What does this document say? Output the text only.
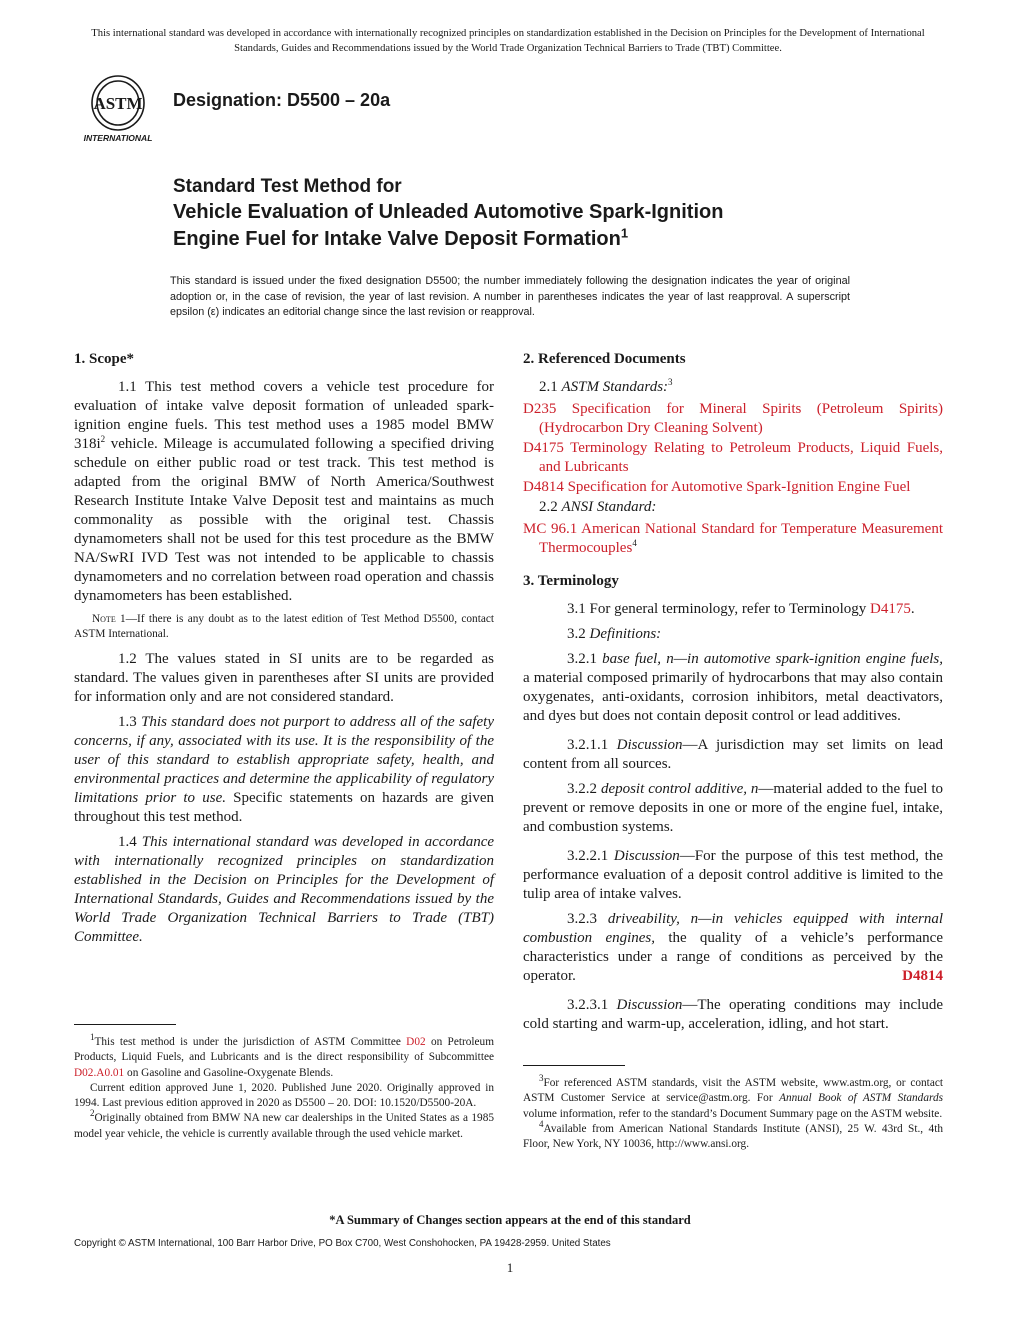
This international standard was developed in accordance with internationally recognized principles on standardization established in the Decision on Principles for the Development of International Standards, Guides and Recommendations issued by the World Trade Organization Technical Barriers to Trade (TBT) Committee.
ASTM
INTERNATIONAL
Designation: D5500 – 20a
Standard Test Method for
Vehicle Evaluation of Unleaded Automotive Spark-Ignition
Engine Fuel for Intake Valve Deposit Formation$^1$
This standard is issued under the fixed designation D5500; the number immediately following the designation indicates the year of original adoption or, in the case of revision, the year of last revision. A number in parentheses indicates the year of last reapproval. A superscript epsilon (ε) indicates an editorial change since the last revision or reapproval.
1. Scope*

1.1 This test method covers a vehicle test procedure for evaluation of intake valve deposit formation of unleaded spark-ignition engine fuels. This test method uses a 1985 model BMW $318i^2$ vehicle. Mileage is accumulated following a specified driving schedule on either public road or test track. This test method is adapted from the original BMW of North America/Southwest Research Institute Intake Valve Deposit test and maintains as much commonality as possible with the original test. Chassis dynamometers shall not be used for this test procedure as the BMW NA/SwRI IVD Test was not intended to be applicable to chassis dynamometers and no correlation between road operation and chassis dynamometers has been established.

Note 1—If there is any doubt as to the latest edition of Test Method D5500, contact ASTM International.

1.2 The values stated in SI units are to be regarded as standard. The values given in parentheses after SI units are provided for information only and are not considered standard.

1.3 This standard does not purport to address all of the safety concerns, if any, associated with its use. It is the responsibility of the user of this standard to establish appropriate safety, health, and environmental practices and determine the applicability of regulatory limitations prior to use. Specific statements on hazards are given throughout this test method.

1.4 This international standard was developed in accordance with internationally recognized principles on standardization established in the Decision on Principles for the Development of International Standards, Guides and Recommendations issued by the World Trade Organization Technical Barriers to Trade (TBT) Committee.

2. Referenced Documents
2.1 ASTM Standards:$^3$
D235 Specification for Mineral Spirits (Petroleum Spirits) (Hydrocarbon Dry Cleaning Solvent)
D4175 Terminology Relating to Petroleum Products, Liquid Fuels, and Lubricants
D4814 Specification for Automotive Spark-Ignition Engine Fuel
2.2 ANSI Standard:
MC 96.1 American National Standard for Temperature Measurement Thermocouples$^4$
3. Terminology

3.1 For general terminology, refer to Terminology D4175.

3.2 Definitions:

3.2.1 base fuel, n—in automotive spark-ignition engine fuels, a material composed primarily of hydrocarbons that may also contain oxygenates, anti-oxidants, corrosion inhibitors, metal deactivators, and dyes but does not contain deposit control or lead additives.

3.2.1.1 Discussion—A jurisdiction may set limits on lead content from all sources.

3.2.2 deposit control additive, n—material added to the fuel to prevent or remove deposits in one or more of the engine fuel, intake, and combustion systems.

3.2.2.1 Discussion—For the purpose of this test method, the performance evaluation of a deposit control additive is limited to the tulip area of intake valves.

3.2.3 driveability, n—in vehicles equipped with internal combustion engines, the quality of a vehicle’s performance characteristics under a range of conditions as perceived by the operator.	D4814

3.2.3.1 Discussion—The operating conditions may include cold starting and warm-up, acceleration, idling, and hot start.

$^1$This test method is under the jurisdiction of ASTM Committee D02 on Petroleum Products, Liquid Fuels, and Lubricants and is the direct responsibility of Subcommittee D02.A0.01 on Gasoline and Gasoline-Oxygenate Blends.

Current edition approved June 1, 2020. Published June 2020. Originally approved in 1994. Last previous edition approved in 2020 as D5500 – 20. DOI: 10.1520/D5500-20A.

$^2$Originally obtained from BMW NA new car dealerships in the United States as a 1985 model year vehicle, the vehicle is currently available through the used vehicle market.

$^3$For referenced ASTM standards, visit the ASTM website, www.astm.org, or contact ASTM Customer Service at service@astm.org. For Annual Book of ASTM Standards volume information, refer to the standard’s Document Summary page on the ASTM website.

$^4$Available from American National Standards Institute (ANSI), 25 W. 43rd St., 4th Floor, New York, NY 10036, http://www.ansi.org.

*A Summary of Changes section appears at the end of this standard
Copyright © ASTM International, 100 Barr Harbor Drive, PO Box C700, West Conshohocken, PA 19428-2959. United States
1
